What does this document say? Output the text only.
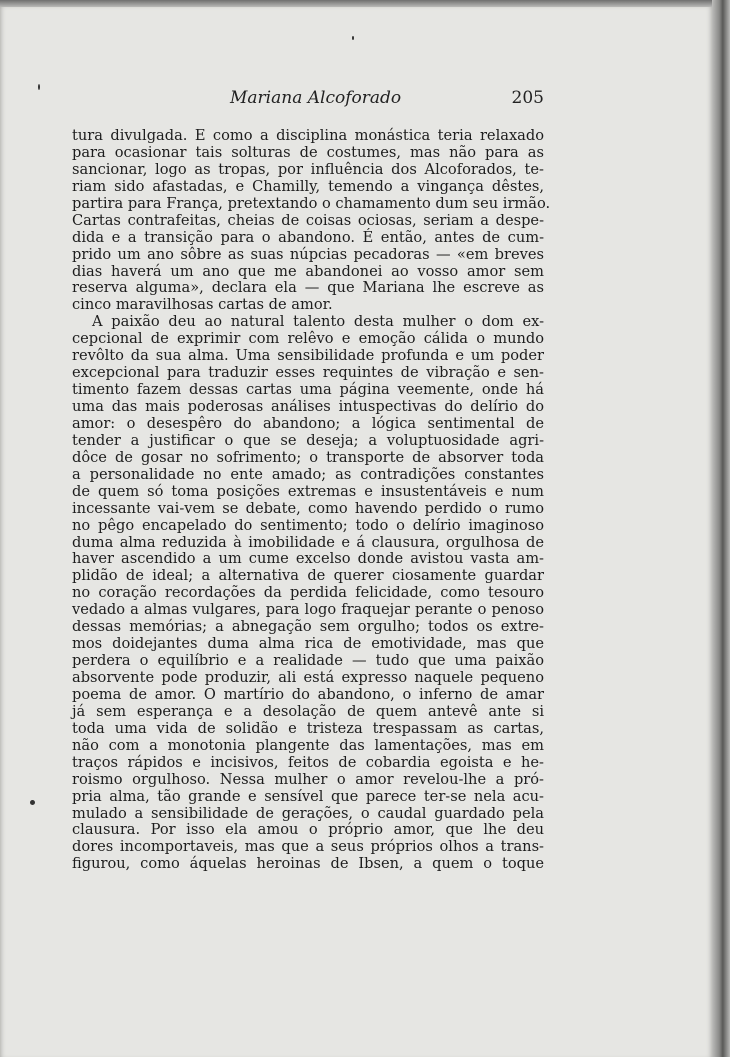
Mariana Alcoforado	205
tura divulgada. E como a disciplina monástica teria relaxado
para ocasionar tais solturas de costumes, mas não para as
sancionar, logo as tropas, por influência dos Alcoforados, te-
riam sido afastadas, e Chamilly, temendo a vingança dêstes,
partira para França, pretextando o chamamento dum seu irmão.
Cartas contrafeitas, cheias de coisas ociosas, seriam a despe-
dida e a transição para o abandono. É então, antes de cum-
prido um ano sôbre as suas núpcias pecadoras — «em breves
dias haverá um ano que me abandonei ao vosso amor sem
reserva alguma», declara ela — que Mariana lhe escreve as
cinco maravilhosas cartas de amor.
A paixão deu ao natural talento desta mulher o dom ex-
cepcional de exprimir com relêvo e emoção cálida o mundo
revôlto da sua alma. Uma sensibilidade profunda e um poder
excepcional para traduzir esses requintes de vibração e sen-
timento fazem dessas cartas uma página veemente, onde há
uma das mais poderosas análises intuspectivas do delírio do
amor: o desespêro do abandono; a lógica sentimental de
tender a justificar o que se deseja; a voluptuosidade agri-
dôce de gosar no sofrimento; o transporte de absorver toda
a personalidade no ente amado; as contradições constantes
de quem só toma posições extremas e insustentáveis e num
incessante vai-vem se debate, como havendo perdido o rumo
no pêgo encapelado do sentimento; todo o delírio imaginoso
duma alma reduzida à imobilidade e á clausura, orgulhosa de
haver ascendido a um cume excelso donde avistou vasta am-
plidão de ideal; a alternativa de querer ciosamente guardar
no coração recordações da perdida felicidade, como tesouro
vedado a almas vulgares, para logo fraquejar perante o penoso
dessas memórias; a abnegação sem orgulho; todos os extre-
mos doidejantes duma alma rica de emotividade, mas que
perdera o equilíbrio e a realidade — tudo que uma paixão
absorvente pode produzir, ali está expresso naquele pequeno
poema de amor. O martírio do abandono, o inferno de amar
já sem esperança e a desolação de quem antevê ante si
toda uma vida de solidão e tristeza trespassam as cartas,
não com a monotonia plangente das lamentações, mas em
traços rápidos e incisivos, feitos de cobardia egoista e he-
roismo orgulhoso. Nessa mulher o amor revelou-lhe a pró-
pria alma, tão grande e sensível que parece ter-se nela acu-
mulado a sensibilidade de gerações, o caudal guardado pela
clausura. Por isso ela amou o próprio amor, que lhe deu
dores incomportaveis, mas que a seus próprios olhos a trans-
figurou, como áquelas heroinas de Ibsen, a quem o toque
